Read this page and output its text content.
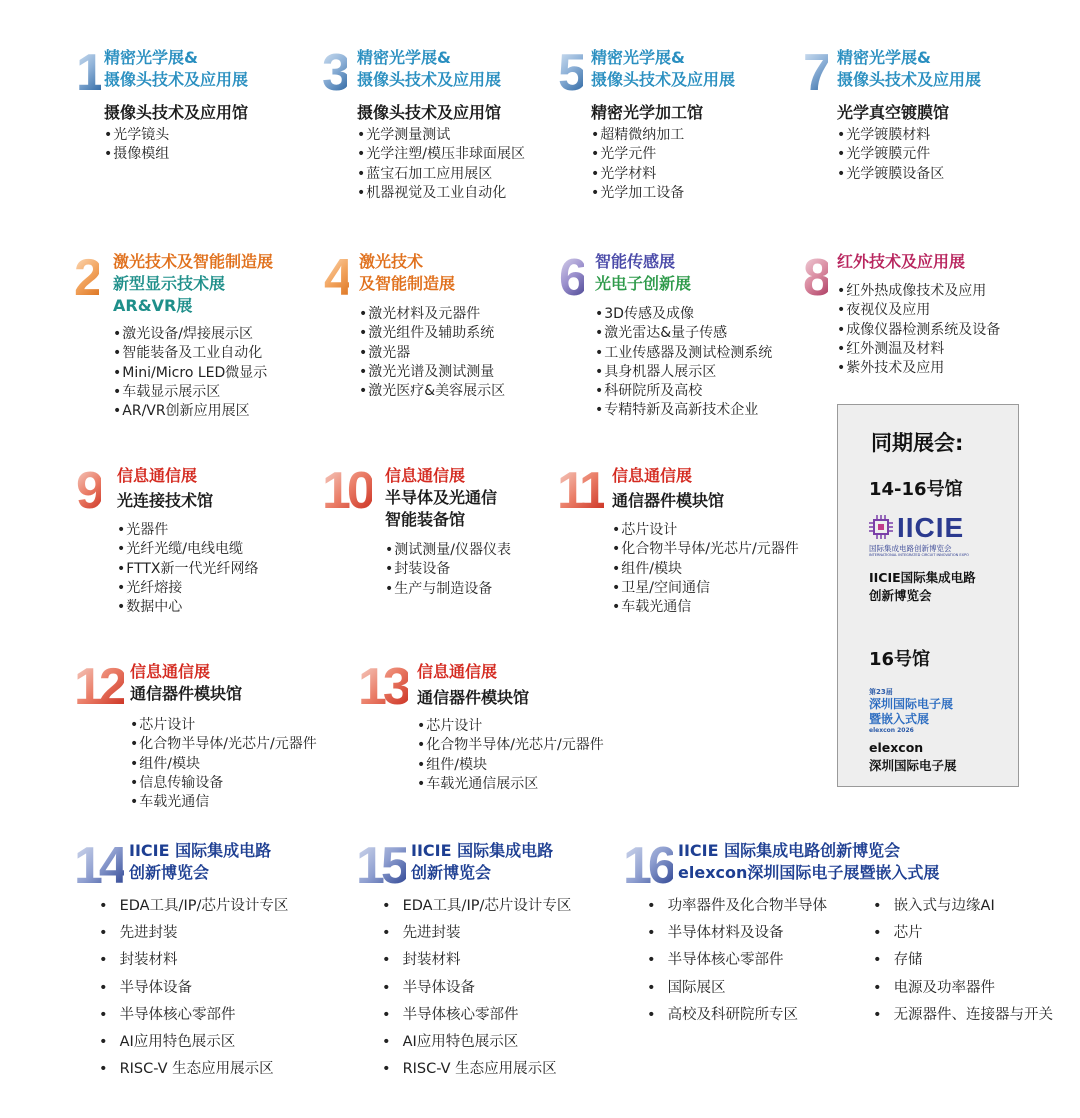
1 精密光学展&
摄像头技术及应用展
摄像头技术及应用馆
• 光学镜头
• 摄像模组
3 精密光学展&
摄像头技术及应用展
摄像头技术及应用馆
• 光学测量测试
• 光学注塑/模压非球面展区
• 蓝宝石加工应用展区
• 机器视觉及工业自动化
5 精密光学展&
摄像头技术及应用展
精密光学加工馆
• 超精微纳加工
• 光学元件
• 光学材料
• 光学加工设备
7 精密光学展&
摄像头技术及应用展
光学真空镀膜馆
• 光学镀膜材料
• 光学镀膜元件
• 光学镀膜设备区
2 激光技术及智能制造展
新型显示技术展
AR&VR展
• 激光设备/焊接展示区
• 智能装备及工业自动化
• Mini/Micro LED微显示
• 车载显示展示区
• AR/VR创新应用展区
4 激光技术
及智能制造展
• 激光材料及元器件
• 激光组件及辅助系统
• 激光器
• 激光光谱及测试测量
• 激光医疗&美容展示区
6 智能传感展
光电子创新展
• 3D传感及成像
• 激光雷达&量子传感
• 工业传感器及测试检测系统
• 具身机器人展示区
• 科研院所及高校
• 专精特新及高新技术企业
8 红外技术及应用展
• 红外热成像技术及应用
• 夜视仪及应用
• 成像仪器检测系统及设备
• 红外测温及材料
• 紫外技术及应用
9 信息通信展
光连接技术馆
• 光器件
• 光纤光缆/电线电缆
• FTTX新一代光纤网络
• 光纤熔接
• 数据中心
10 信息通信展
半导体及光通信
智能装备馆
• 测试测量/仪器仪表
• 封装设备
• 生产与制造设备
11 信息通信展
通信器件模块馆
• 芯片设计
• 化合物半导体/光芯片/元器件
• 组件/模块
• 卫星/空间通信
• 车载光通信
12 信息通信展
通信器件模块馆
• 芯片设计
• 化合物半导体/光芯片/元器件
• 组件/模块
• 信息传输设备
• 车载光通信
13 信息通信展
通信器件模块馆
• 芯片设计
• 化合物半导体/光芯片/元器件
• 组件/模块
• 车载光通信展示区
同期展会:
14-16号馆
IICIE
国际集成电路创新博览会
INTERNATIONAL INTEGRATED CIRCUIT INNOVATION EXPO
IICIE国际集成电路
创新博览会
16号馆
第23届
深圳国际电子展
暨嵌入式展
elexcon 2026
elexcon
深圳国际电子展
14 IICIE 国际集成电路
创新博览会
• EDA工具/IP/芯片设计专区
• 先进封装
• 封装材料
• 半导体设备
• 半导体核心零部件
• AI应用特色展示区
• RISC-V 生态应用展示区
15 IICIE 国际集成电路
创新博览会
• EDA工具/IP/芯片设计专区
• 先进封装
• 封装材料
• 半导体设备
• 半导体核心零部件
• AI应用特色展示区
• RISC-V 生态应用展示区
16 IICIE 国际集成电路创新博览会
elexcon深圳国际电子展暨嵌入式展
• 功率器件及化合物半导体
• 半导体材料及设备
• 半导体核心零部件
• 国际展区
• 高校及科研院所专区
• 嵌入式与边缘AI
• 芯片
• 存储
• 电源及功率器件
• 无源器件、连接器与开关
